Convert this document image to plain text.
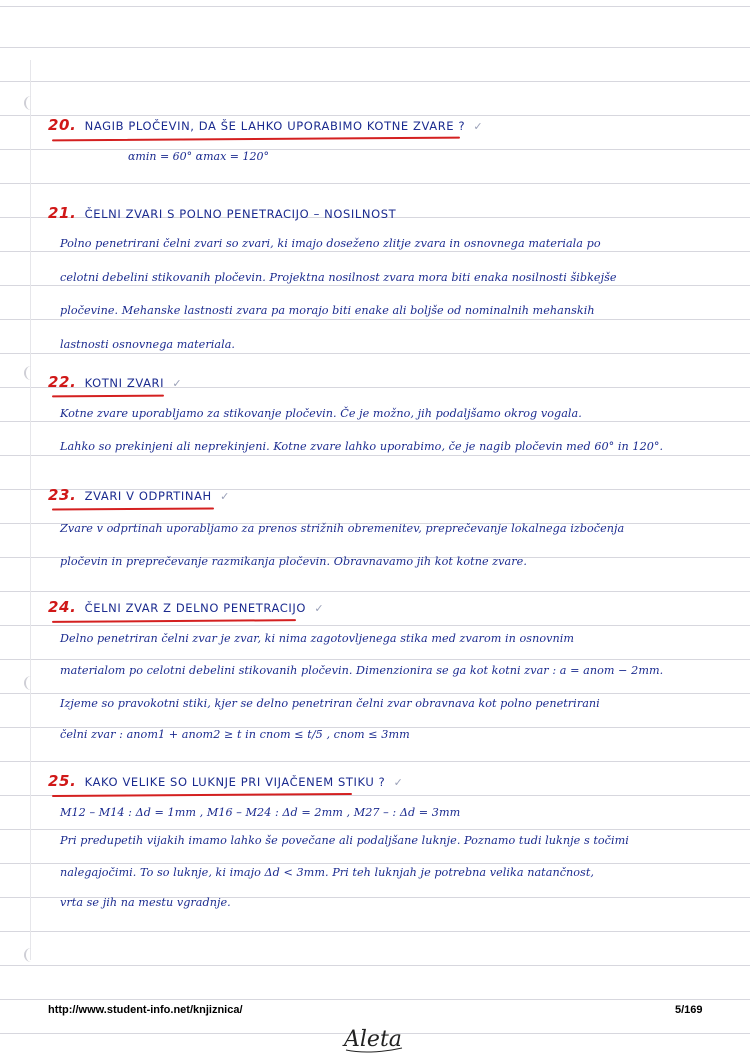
20. NAGIB PLOČEVIN, DA ŠE LAHKO UPORABIMO KOTNE ZVARE ? ✓
αmin = 60° αmax = 120°
21. ČELNI ZVARI S POLNO PENETRACIJO – NOSILNOST
Polno penetrirani čelni zvari so zvari, ki imajo doseženo zlitje zvara in osnovnega materiala po
celotni debelini stikovanih pločevin. Projektna nosilnost zvara mora biti enaka nosilnosti šibkejše
pločevine. Mehanske lastnosti zvara pa morajo biti enake ali boljše od nominalnih mehanskih
lastnosti osnovnega materiala.
22. KOTNI ZVARI ✓
Kotne zvare uporabljamo za stikovanje pločevin. Če je možno, jih podaljšamo okrog vogala.
Lahko so prekinjeni ali neprekinjeni. Kotne zvare lahko uporabimo, če je nagib pločevin med 60° in 120°.
23. ZVARI V ODPRTINAH ✓
Zvare v odprtinah uporabljamo za prenos strižnih obremenitev, preprečevanje lokalnega izbočenja
pločevin in preprečevanje razmikanja pločevin. Obravnavamo jih kot kotne zvare.
24. ČELNI ZVAR Z DELNO PENETRACIJO ✓
Delno penetriran čelni zvar je zvar, ki nima zagotovljenega stika med zvarom in osnovnim
materialom po celotni debelini stikovanih pločevin. Dimenzionira se ga kot kotni zvar : a = anom − 2mm.
Izjeme so pravokotni stiki, kjer se delno penetriran čelni zvar obravnava kot polno penetrirani
čelni zvar : anom1 + anom2 ≥ t in cnom ≤ t/5 , cnom ≤ 3mm
25. KAKO VELIKE SO LUKNJE PRI VIJAČENEM STIKU ? ✓
M12 – M14 : Δd = 1mm , M16 – M24 : Δd = 2mm , M27 – : Δd = 3mm
Pri predupetih vijakih imamo lahko še povečane ali podaljšane luknje. Poznamo tudi luknje s točimi
nalegajočimi. To so luknje, ki imajo Δd < 3mm. Pri teh luknjah je potrebna velika natančnost,
vrta se jih na mestu vgradnje.
http://www.student-info.net/knjiznica/	5/169
Aleta
